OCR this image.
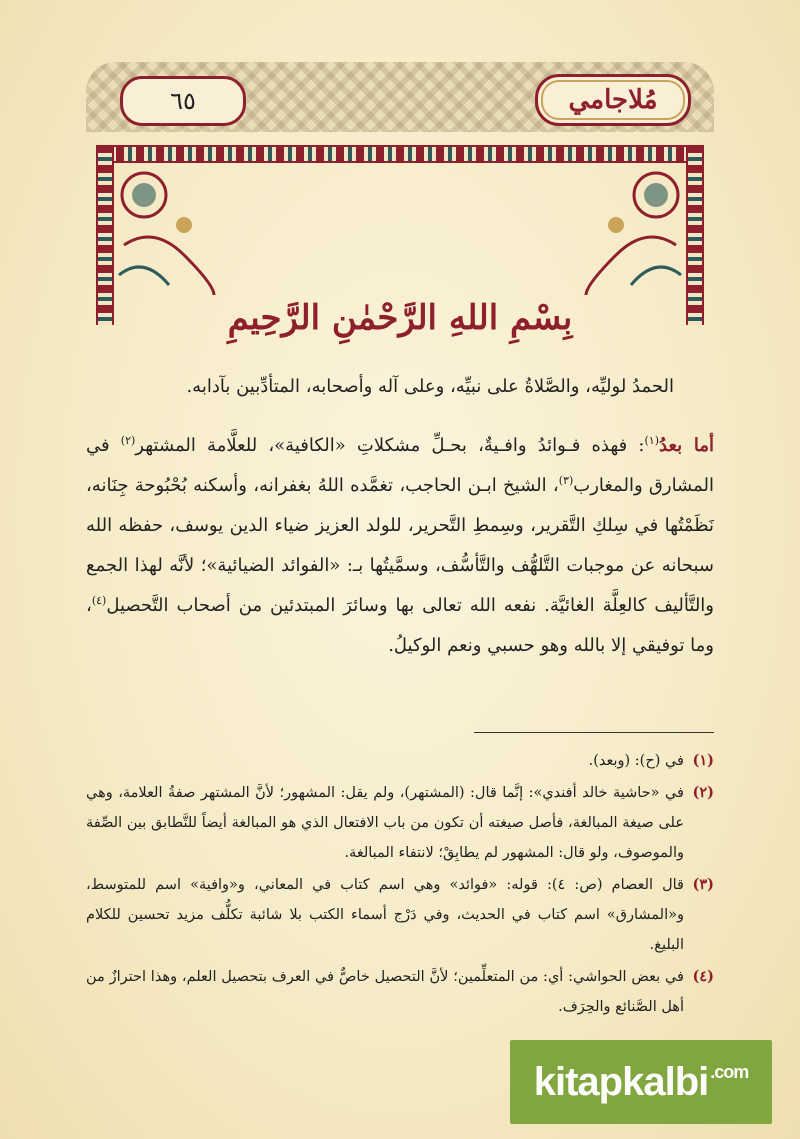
مُلاجامي
٦٥
بِسْمِ اللهِ الرَّحْمٰنِ الرَّحِيمِ
الحمدُ لوليِّه، والصَّلاةُ على نبيِّه، وعلى آله وأصحابه، المتأدِّبين بآدابه.
أما بعدُ$^{(١)}$: فهذه فـوائدُ وافـيةٌ، بحـلِّ مشكلاتِ «الكافية»، للعلَّامة المشتهر$^{(٢)}$ في المشارق والمغارب$^{(٣)}$، الشيخ ابـن الحاجب، تغمَّده اللهُ بغفرانه، وأسكنه بُحْبُوحة جِنَانه، نَظَمْتُها في سِلكِ التَّقرير، وسِمطِ التَّحرير، للولد العزيز ضياء الدين يوسف، حفظه الله سبحانه عن موجبات التَّلهُّف والتَّأسُّف، وسمَّيتُها بـ: «الفوائد الضيائية»؛ لأنَّه لهذا الجمع والتَّأليف كالعِلَّة الغائيَّة. نفعه الله تعالى بها وسائرَ المبتدئين من أصحاب التَّحصيل$^{(٤)}$، وما توفيقي إلا بالله وهو حسبي ونعم الوكيلُ.
(١)
في (ح): (وبعد).
(٢)
في «حاشية خالد أفندي»: إنَّما قال: (المشتهر)، ولم يقل: المشهور؛ لأنَّ المشتهر صفةُ العلامة، وهي على صيغة المبالغة، فأصل صيغته أن تكون من باب الافتعال الذي هو المبالغة أيضاً للتَّطابق بين الصِّفة والموصوف، ولو قال: المشهور لم يطابِقْ؛ لانتفاء المبالغة.
(٣)
قال العصام (ص: ٤): قوله: «فوائد» وهي اسم كتاب في المعاني، و«وافية» اسم للمتوسط، و«المشارق» اسم كتاب في الحديث، وفي دَرْج أسماء الكتب بلا شائبة تكلُّف مزيد تحسين للكلام البليغ.
(٤)
في بعض الحواشي: أي: من المتعلِّمين؛ لأنَّ التحصيل خاصٌّ في العرف بتحصيل العلم، وهذا احترازٌ من أهل الصَّنائع والحِرَف.
kitapkalbi .com
